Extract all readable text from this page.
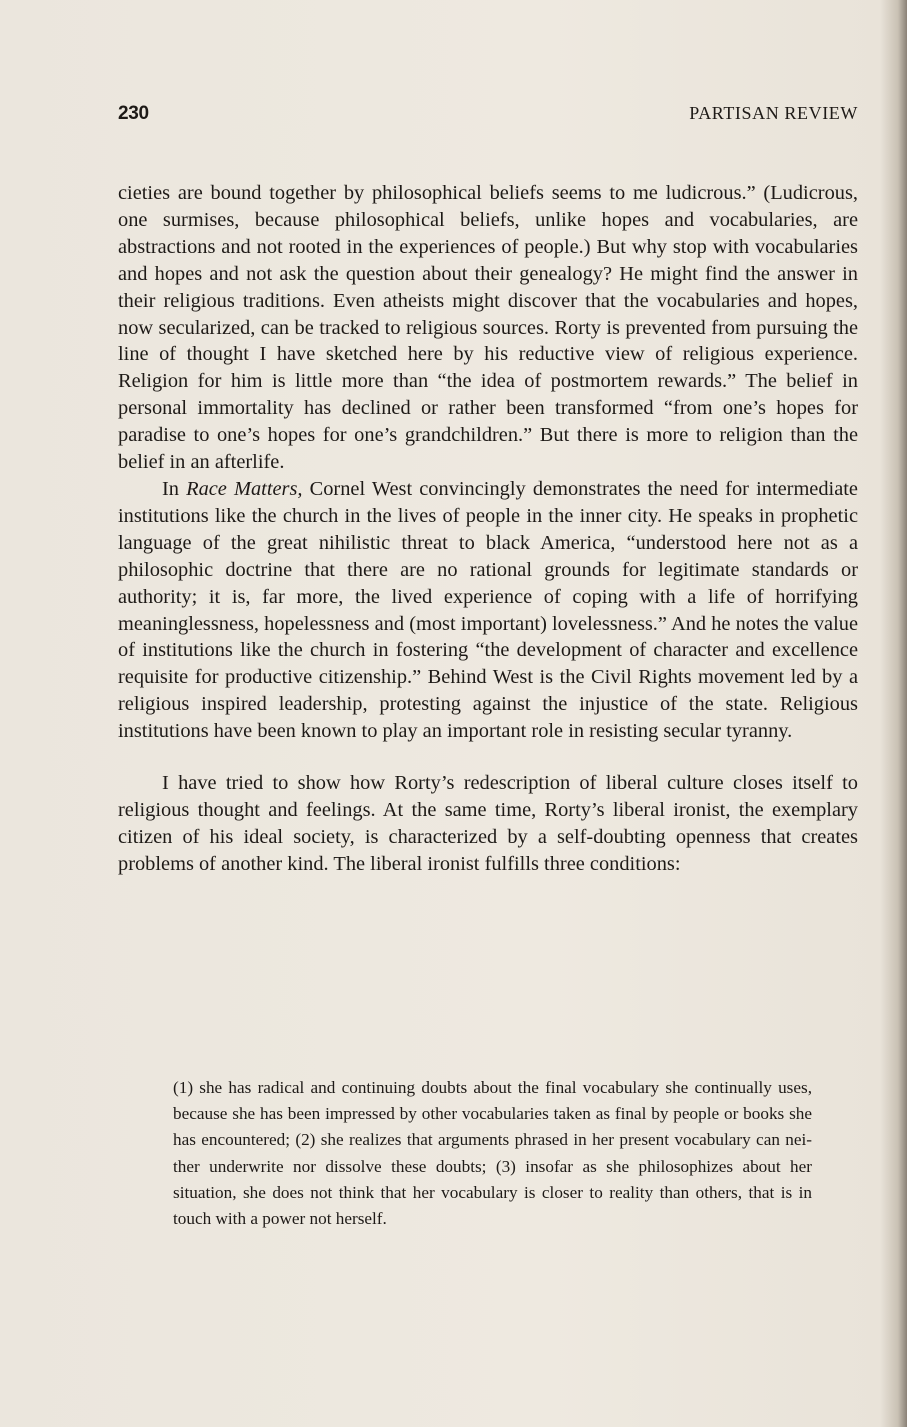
230	PARTISAN REVIEW

cieties are bound together by philosophical beliefs seems to me ludicrous.” (Ludicrous, one surmises, because philosophical beliefs, unlike hopes and vocabularies, are abstractions and not rooted in the experiences of people.) But why stop with vocabularies and hopes and not ask the question about their genealogy? He might find the answer in their religious traditions. Even atheists might discover that the vocabularies and hopes, now secularized, can be tracked to religious sources. Rorty is prevented from pursuing the line of thought I have sketched here by his reductive view of religious experience. Religion for him is little more than “the idea of postmortem rewards.” The belief in personal immortality has declined or rather been transformed “from one’s hopes for paradise to one’s hopes for one’s grandchildren.” But there is more to religion than the belief in an afterlife.

In Race Matters, Cornel West convincingly demonstrates the need for intermediate institutions like the church in the lives of people in the inner city. He speaks in prophetic language of the great nihilistic threat to black America, “understood here not as a philosophic doctrine that there are no rational grounds for legitimate standards or authority; it is, far more, the lived experience of coping with a life of horrifying meaninglessness, hopelessness and (most important) lovelessness.” And he notes the value of institutions like the church in fostering “the development of character and excellence requisite for productive citizenship.” Behind West is the Civil Rights movement led by a religious inspired leadership, protesting against the injustice of the state. Religious institutions have been known to play an important role in resisting secular tyranny.

I have tried to show how Rorty’s redescription of liberal culture closes itself to religious thought and feelings. At the same time, Rorty’s liberal ironist, the exemplary citizen of his ideal society, is characterized by a self-doubting openness that creates problems of another kind. The liberal ironist fulfills three conditions:

(1) she has radical and continuing doubts about the final vocabulary she continually uses, because she has been impressed by other vocabularies taken as final by people or books she has encountered; (2) she realizes that arguments phrased in her present vocabulary can neither underwrite nor dissolve these doubts; (3) insofar as she philosophizes about her situation, she does not think that her vocabulary is closer to reality than others, that is in touch with a power not herself.
